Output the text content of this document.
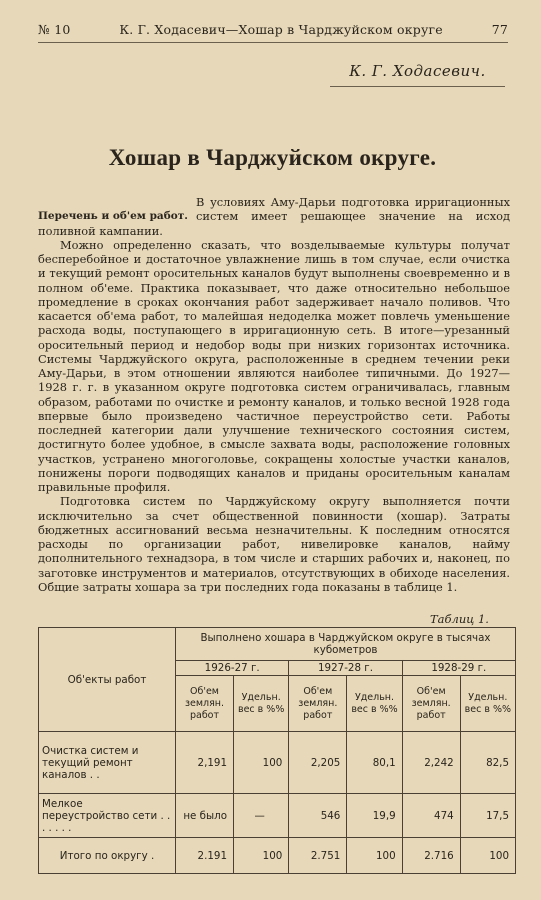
№ 10	К. Г. Ходасевич—Хошар в Чарджуйском округе	77
К. Г. Ходасевич.
Хошар в Чарджуйском округе.
Перечень и об'ем работ.

В условиях Аму-Дарьи подготовка ирригационных систем имеет решающее значение на исход поливной кампании.

Можно определенно сказать, что возделываемые культуры получат бесперебойное и достаточное увлажнение лишь в том случае, если очистка и текущий ремонт оросительных каналов будут выполнены своевременно и в полном об'еме. Практика показывает, что даже относительно небольшое промедление в сроках окончания работ задерживает начало поливов. Что касается об'ема работ, то малейшая недоделка может повлечь уменьшение расхода воды, поступающего в ирригационную сеть. В итоге—урезанный оросительный период и недобор воды при низких горизонтах источника. Системы Чарджуйского округа, расположенные в среднем течении реки Аму-Дарьи, в этом отношении являются наиболее типичными. До 1927—1928 г. г. в указанном округе подготовка систем ограничивалась, главным образом, работами по очистке и ремонту каналов, и только весной 1928 года впервые было произведено частичное переустройство сети. Работы последней категории дали улучшение технического состояния систем, достигнуто более удобное, в смысле захвата воды, расположение головных участков, устранено многоголовье, сокращены холостые участки каналов, понижены пороги подводящих каналов и приданы оросительным каналам правильные профиля.

Подготовка систем по Чарджуйскому округу выполняется почти исключительно за счет общественной повинности (хошар). Затраты бюджетных ассигнований весьма незначительны. К последним относятся расходы по организации работ, нивелировке каналов, найму дополнительного технадзора, в том числе и старших рабочих и, наконец, по заготовке инструментов и материалов, отсутствующих в обиходе населения. Общие затраты хошара за три последних года показаны в таблице 1.

Таблиц 1.
Об'екты работ	Выполнено хошара в Чарджуйском округе в тысячах кубометров					
	1926-27 г.		1927-28 г.		1928-29 г.	
	Об'ем землян. работ	Удельн. вес в %%	Об'ем землян. работ	Удельн. вес в %%	Об'ем землян. работ	Удельн. вес в %%
Очистка систем и текущий ремонт каналов . .	2,191	100	2,205	80,1	2,242	82,5
Мелкое переустройство сети . . . . . . .	не было	—	546	19,9	474	17,5
Итого по округу .	2.191	100	2.751	100	2.716	100
